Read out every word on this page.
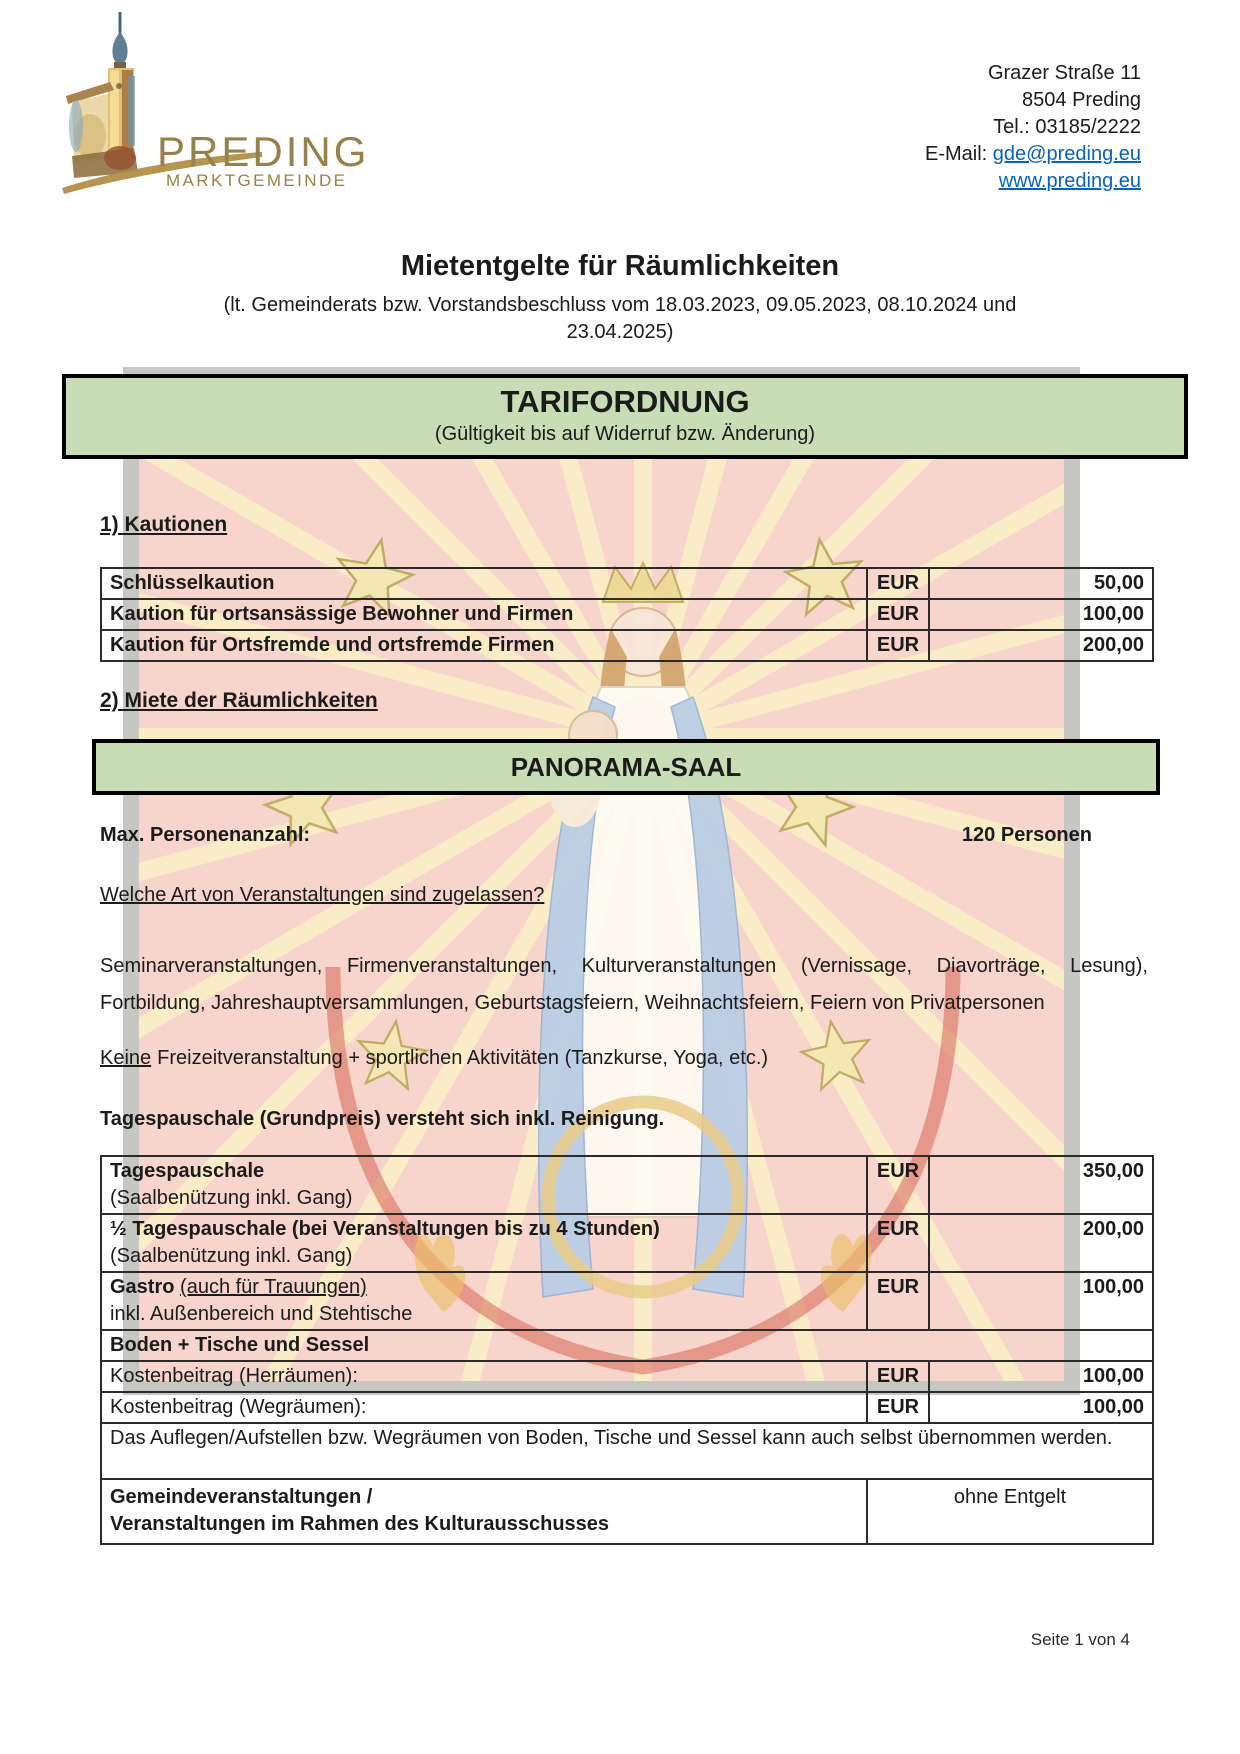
PREDING
MARKTGEMEINDE
Grazer Straße 11
8504 Preding
Tel.: 03185/2222
E-Mail: gde@preding.eu
www.preding.eu
Mietentgelte für Räumlichkeiten
(lt. Gemeinderats bzw. Vorstandsbeschluss vom 18.03.2023, 09.05.2023, 08.10.2024 und
23.04.2025)
TARIFORDNUNG
(Gültigkeit bis auf Widerruf bzw. Änderung)
1) Kautionen
Schlüsselkaution	EUR	50,00
Kaution für ortsansässige Bewohner und Firmen	EUR	100,00
Kaution für Ortsfremde und ortsfremde Firmen	EUR	200,00
2) Miete der Räumlichkeiten
PANORAMA-SAAL
Max. Personenanzahl:	120 Personen
Welche Art von Veranstaltungen sind zugelassen?

Seminarveranstaltungen, Firmenveranstaltungen, Kulturveranstaltungen (Vernissage, Diavorträge, Lesung), Fortbildung, Jahreshauptversammlungen, Geburtstagsfeiern, Weihnachtsfeiern, Feiern von Privatpersonen

Keine Freizeitveranstaltung + sportlichen Aktivitäten (Tanzkurse, Yoga, etc.)
Tagespauschale (Grundpreis) versteht sich inkl. Reinigung.
Tagespauschale
(Saalbenützung inkl. Gang)	EUR	350,00
½ Tagespauschale (bei Veranstaltungen bis zu 4 Stunden)
(Saalbenützung inkl. Gang)	EUR	200,00
Gastro (auch für Trauungen)
inkl. Außenbereich und Stehtische	EUR	100,00
Boden + Tische und Sessel		
Kostenbeitrag (Herräumen):	EUR	100,00
Kostenbeitrag (Wegräumen):	EUR	100,00
Das Auflegen/Aufstellen bzw. Wegräumen von Boden, Tische und Sessel kann auch selbst übernommen werden.		
Gemeindeveranstaltungen /
Veranstaltungen im Rahmen des Kulturausschusses	ohne Entgelt	
Seite 1 von 4
